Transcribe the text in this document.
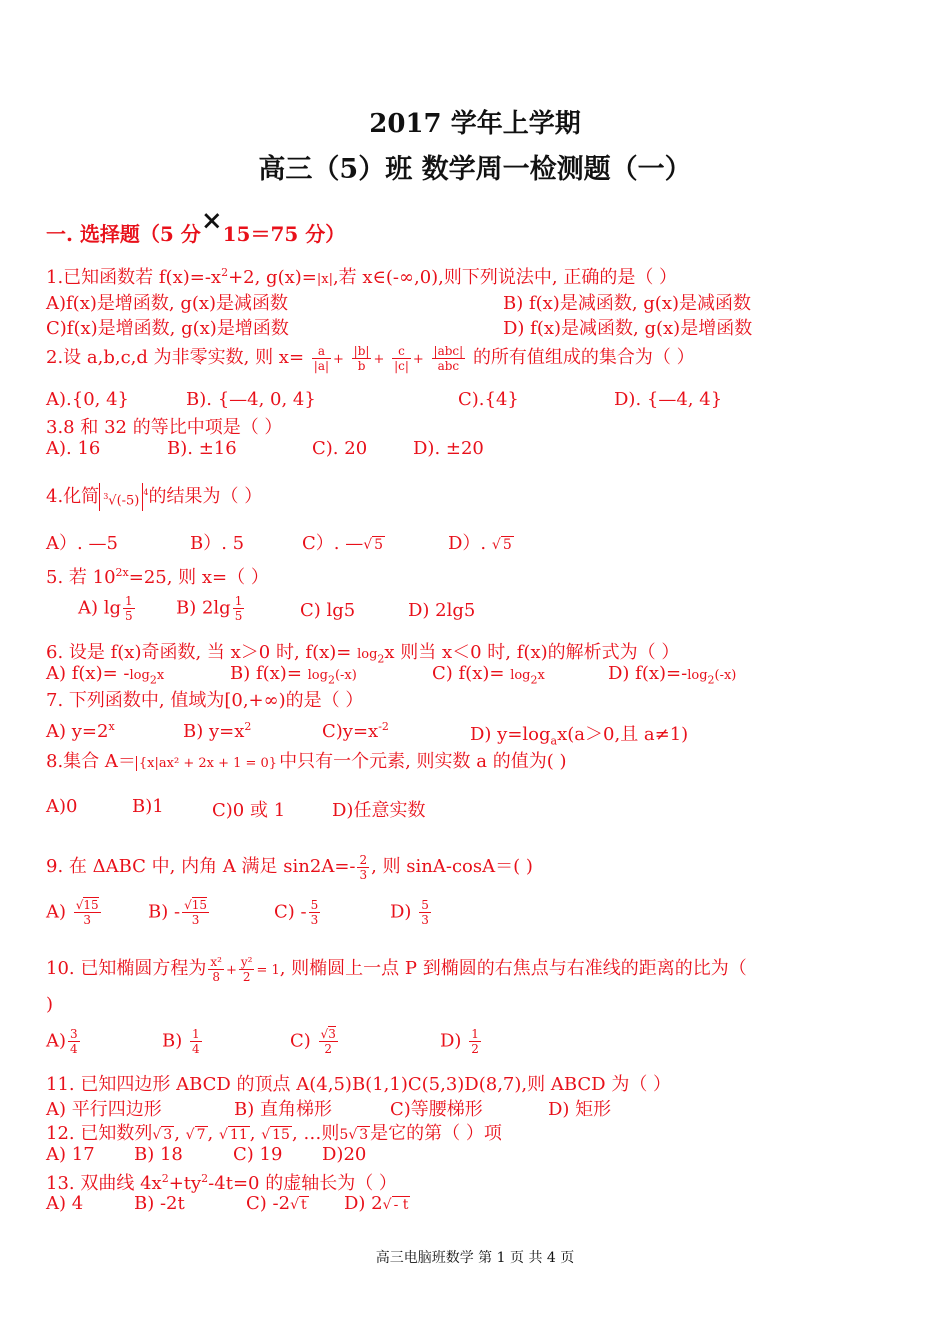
2017 学年上学期
高三（5）班 数学周一检测题（一）
一. 选择题（5 分×15＝75 分）
1.已知函数若 $f(x)=-x^2+2$, g(x)=|x|,若 x∈(-∞,0),则下列说法中, 正确的是（ ）
A)f(x)是增函数, g(x)是减函数	B) f(x)是减函数, g(x)是减函数
C)f(x)是增函数, g(x)是增函数	D) f(x)是减函数, g(x)是增函数
2.设 a,b,c,d 为非零实数, 则 $x= \frac{a}{|a|} + \frac{|b|}{b} + \frac{c}{|c|} + \frac{\text{|abc|}}{\text{abc}}$ 的所有值组成的集合为（ ）
A).{0, 4}	B). {—4, 0, 4}	C).{4}	D). {—4, 4}
3.8 和 32 的等比中项是（ ）
A). 16	B). ±16	C). 20	D). ±20
4.化简 $^3√(-5)^4$的结果为（ ）
A）. —5	B）. 5	C）. —√ 5	D）. √ 5
5. 若 $10^{2x}=25$, 则 x=（ ）
A) $\lg \frac{1}{5} B$) $2\lg \frac{1}{5}$	C) lg5	D) 2lg5
6. 设是 f(x)奇函数, 当 x＞0 时, $f(x)= \log_2x$ 则当 x＜0 时, f(x)的解析式为（ ）
A) $f(x)= -\log_2x$	B) $f(x)= \log_2(-x)$	C) $f(x)= \log_2x$	D) $f(x)=-\log_2(-x)$
7. 下列函数中, 值域为[0,+∞)的是（ ）
A) $y=2^x$	B) $y=x^2$	$C)y=x^{-2}$	D) $y=\log_ax(a>0$,且 a≠1)
8.集合 A＝ {x|ax² + 2x + 1 = 0} 中只有一个元素, 则实数 a 的值为( )
A)0	B)1	C)0 或 1	D)任意实数
9. 在 ΔABC 中, 内角 A 满足 $\sin 2A=- \frac{2}{3}$ , 则 sinA-cosA＝( )
$A) \frac{√15}{3}$	$B) - \frac{√15}{3}$	$C) - \frac{5}{3}$	$D) \frac{5}{3}$
10. 已知椭圆方程为 $\frac{\text{x²}}{8} + \frac{\text{y²}}{2} = 1$, 则椭圆上一点 P 到椭圆的右焦点与右准线的距离的比为（
)
$A) \frac{3}{4}$	$B) \frac{1}{4}$	$C) \frac{√3}{2}$	$D) \frac{1}{2}$
11. 已知四边形 ABCD 的顶点 A(4,5)B(1,1)C(5,3)D(8,7),则 ABCD 为（ ）
A) 平行四边形	B) 直角梯形	C)等腰梯形	D) 矩形
12. 已知数列√ 3 , √ 7 , √ 11 , √ 15 , …则5√ 3 是它的第（ ）项
A) 17 B) 18	C) 19 D)20
13. 双曲线 $4x^2+ty^2-4t=0$ 的虚轴长为（ ）
A) 4	B) -2t	C) -2√ t D) 2√ - t
高三电脑班数学 第 1 页 共 4 页
